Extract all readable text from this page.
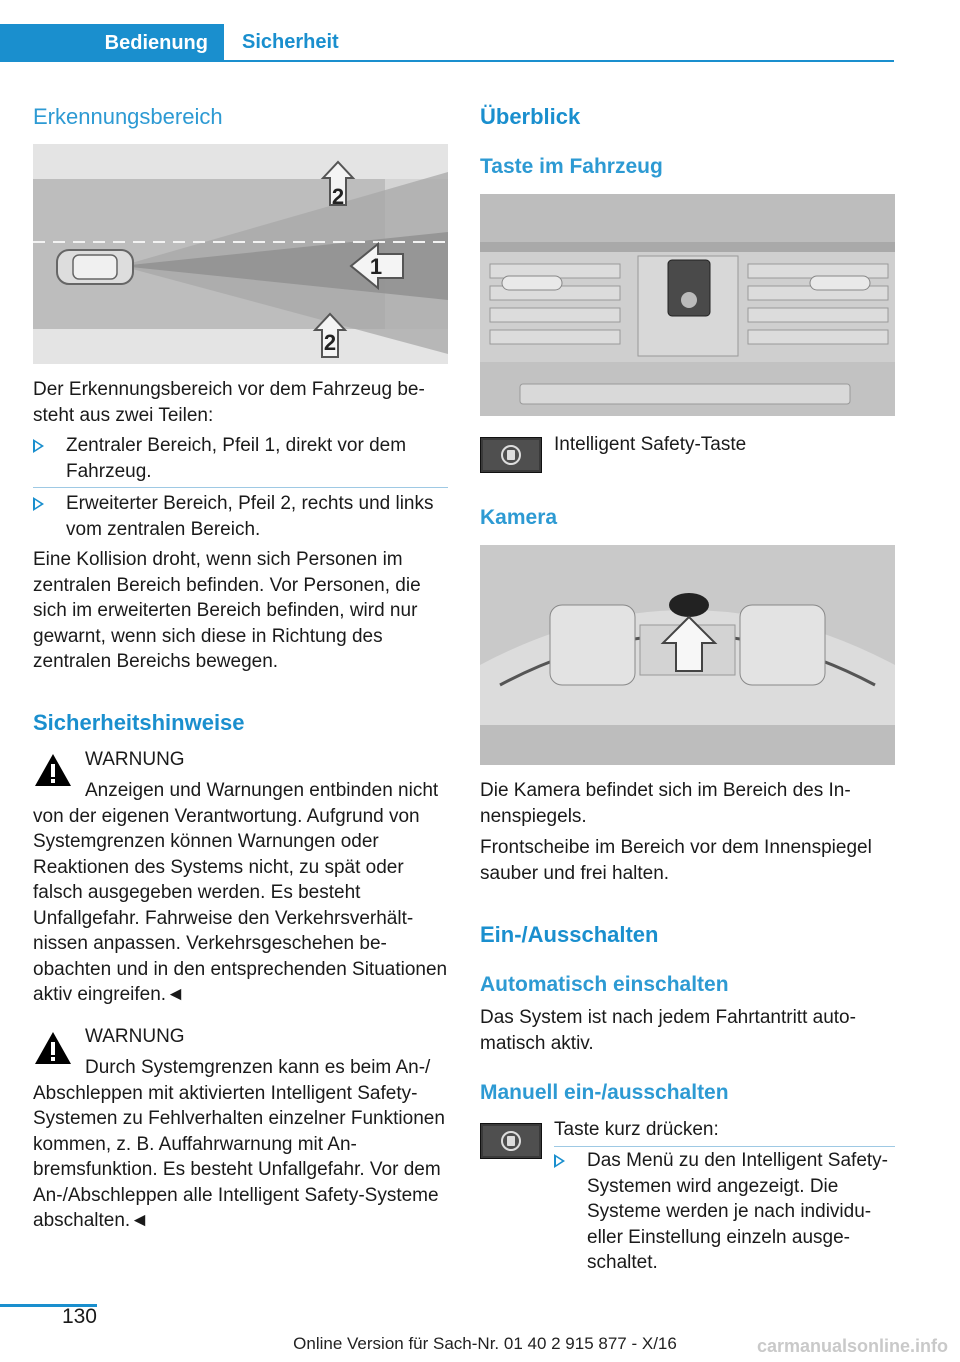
Bedienung	Sicherheit
Erkennungsbereich
2
1
2
Der Erkennungsbereich vor dem Fahrzeug besteht aus zwei Teilen:
Zentraler Bereich, Pfeil 1, direkt vor dem Fahrzeug.
Erweiterter Bereich, Pfeil 2, rechts und links vom zentralen Bereich.
Eine Kollision droht, wenn sich Personen im zentralen Bereich befinden. Vor Personen, die sich im erweiterten Bereich befinden, wird nur gewarnt, wenn sich diese in Richtung des zentralen Bereichs bewegen.
Sicherheitshinweise
WARNUNG
Anzeigen und Warnungen entbinden nicht von der eigenen Verantwortung. Aufgrund von Systemgrenzen können Warnungen oder Reaktionen des Systems nicht, zu spät oder falsch ausgegeben werden. Es besteht Unfallgefahr. Fahrweise den Verkehrsverhältnissen anpassen. Verkehrsgeschehen beobachten und in den entsprechenden Situationen aktiv eingreifen.◄
WARNUNG
Durch Systemgrenzen kann es beim An-/ Abschleppen mit aktivierten Intelligent Safety-Systemen zu Fehlverhalten einzelner Funktionen kommen, z. B. Auffahrwarnung mit Anbremsfunktion. Es besteht Unfallgefahr. Vor dem An-/Abschleppen alle Intelligent Safety-Systeme abschalten.◄
Überblick
Taste im Fahrzeug
Intelligent Safety-Taste
Kamera
Die Kamera befindet sich im Bereich des Innenspiegels.
Frontscheibe im Bereich vor dem Innenspiegel sauber und frei halten.
Ein-/Ausschalten
Automatisch einschalten
Das System ist nach jedem Fahrtantritt automatisch aktiv.
Manuell ein-/ausschalten
Taste kurz drücken:
Das Menü zu den Intelligent Safety-Systemen wird angezeigt. Die Systeme werden je nach individueller Einstellung einzeln ausgeschaltet.
130
Online Version für Sach-Nr. 01 40 2 915 877 - X/16	carmanualsonline.info
